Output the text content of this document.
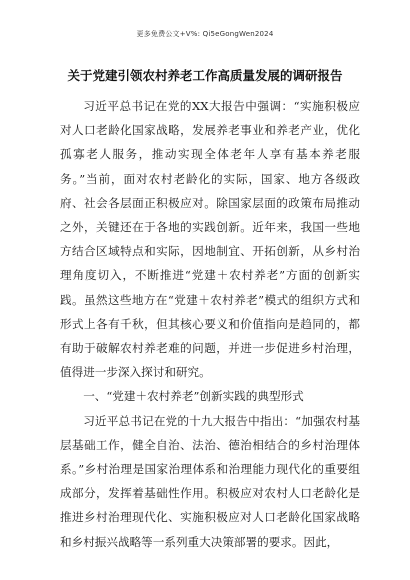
更多免费公文+V%: Qi5eGongWen2024
关于党建引领农村养老工作高质量发展的调研报告

习近平总书记在党的XX大报告中强调：“实施积极应对人口老龄化国家战略，发展养老事业和养老产业，优化孤寡老人服务，推动实现全体老年人享有基本养老服务。”当前，面对农村老龄化的实际，国家、地方各级政府、社会各层面正积极应对。除国家层面的政策布局推动之外，关键还在于各地的实践创新。近年来，我国一些地方结合区域特点和实际，因地制宜、开拓创新，从乡村治理角度切入，不断推进“党建＋农村养老”方面的创新实践。虽然这些地方在“党建＋农村养老”模式的组织方式和形式上各有千秋，但其核心要义和价值指向是趋同的，都有助于破解农村养老难的问题，并进一步促进乡村治理，值得进一步深入探讨和研究。

一、“党建＋农村养老”创新实践的典型形式

习近平总书记在党的十九大报告中指出：“加强农村基层基础工作，健全自治、法治、德治相结合的乡村治理体系。”乡村治理是国家治理体系和治理能力现代化的重要组成部分，发挥着基础性作用。积极应对农村人口老龄化是推进乡村治理现代化、实施积极应对人口老龄化国家战略和乡村振兴战略等一系列重大决策部署的要求。因此，
